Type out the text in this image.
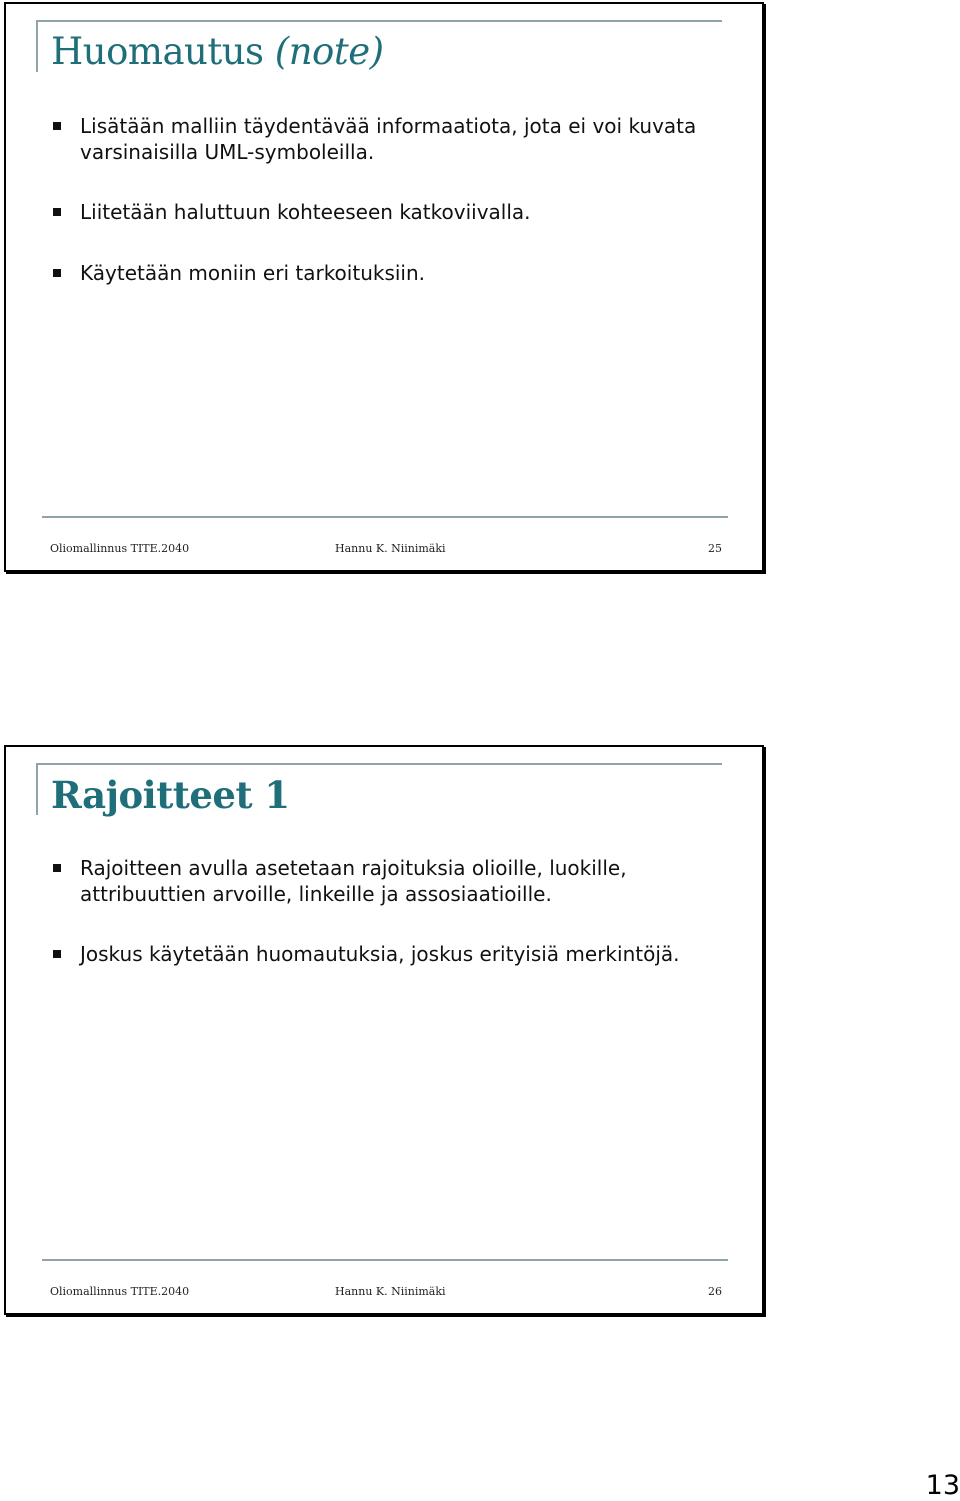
Huomautus (note)
Lisätään malliin täydentävää informaatiota, jota ei voi kuvata varsinaisilla UML-symboleilla.
Liitetään haluttuun kohteeseen katkoviivalla.
Käytetään moniin eri tarkoituksiin.
Oliomallinnus TITE.2040	Hannu K. Niinimäki	25
Rajoitteet 1
Rajoitteen avulla asetetaan rajoituksia olioille, luokille, attribuuttien arvoille, linkeille ja assosiaatioille.
Joskus käytetään huomautuksia, joskus erityisiä merkintöjä.
Oliomallinnus TITE.2040	Hannu K. Niinimäki	26
13
